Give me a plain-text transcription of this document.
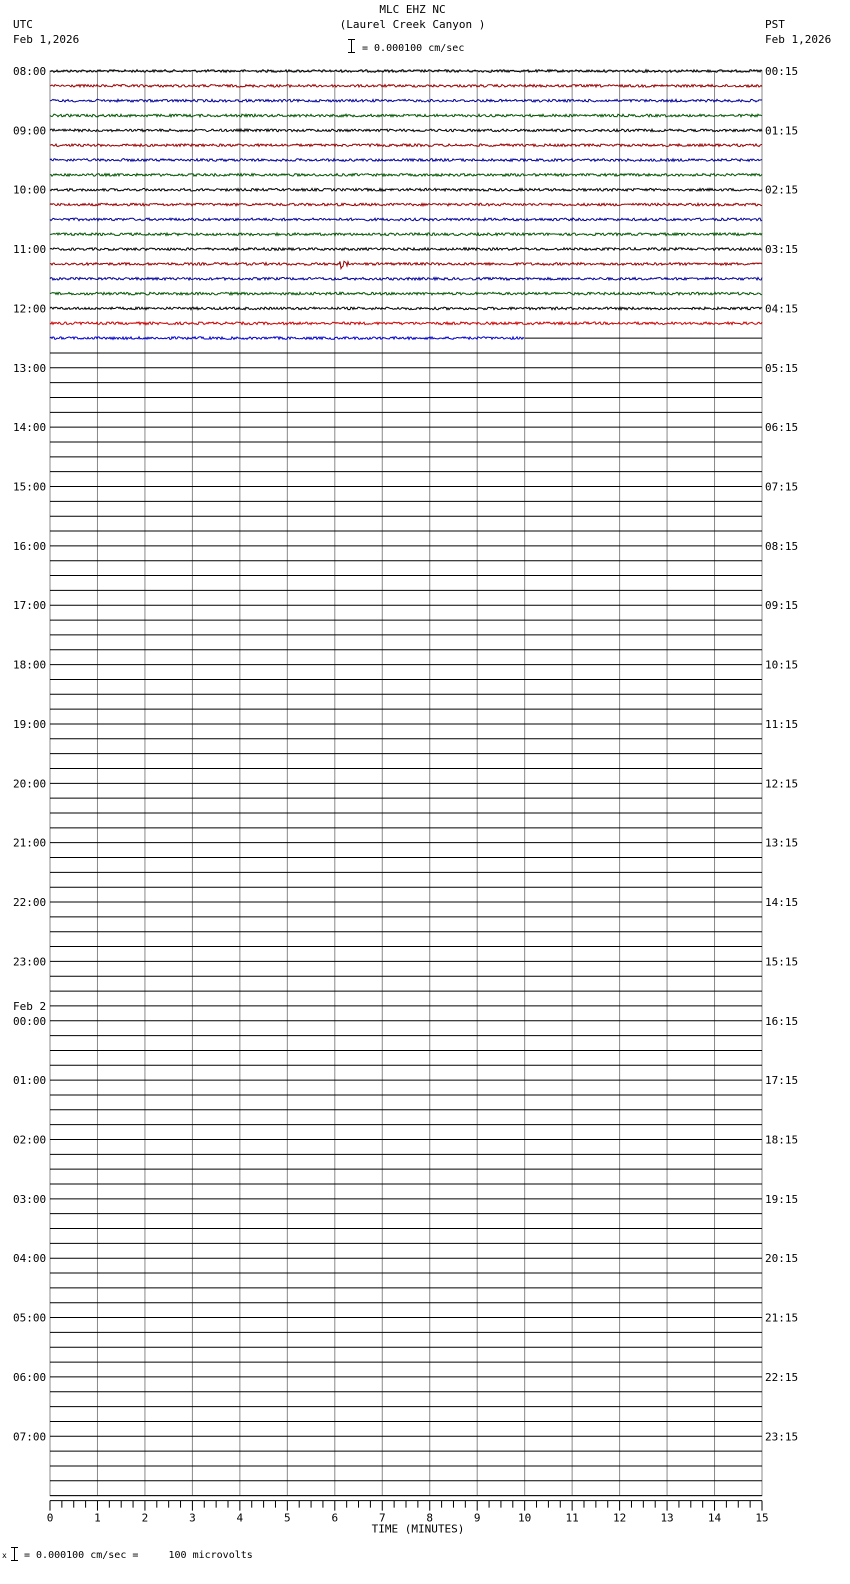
MLC EHZ NC
(Laurel Creek Canyon )
= 0.000100 cm/sec
UTC
Feb 1,2026
PST
Feb 1,2026
08:00	00:15
09:00	01:15
10:00	02:15
11:00	03:15
12:00	04:15
13:00	05:15
14:00	06:15
15:00	07:15
16:00	08:15
17:00	09:15
18:00	10:15
19:00	11:15
20:00	12:15
21:00	13:15
22:00	14:15
23:00	15:15
00:00	16:15
01:00	17:15
02:00	18:15
03:00	19:15
04:00	20:15
05:00	21:15
06:00	22:15
07:00	23:15
Feb 2
0	1	2	3	4	5	6	7	8	9	10	11	12	13	14	15
TIME (MINUTES)
x = 0.000100 cm/sec =     100 microvolts
